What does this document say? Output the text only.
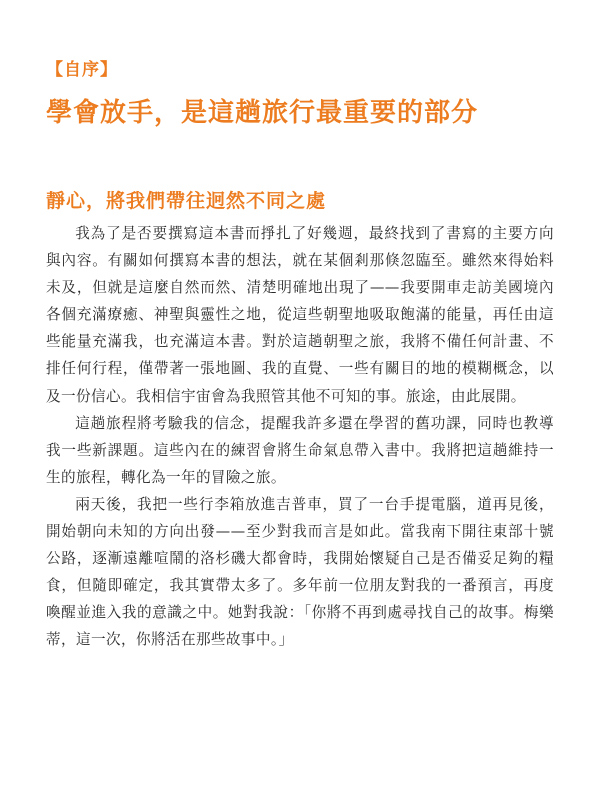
【自序】
學會放手，是這趟旅行最重要的部分
靜心，將我們帶往迥然不同之處

我為了是否要撰寫這本書而掙扎了好幾週，最終找到了書寫的主要方向與內容。有關如何撰寫本書的想法，就在某個剎那倏忽臨至。雖然來得始料未及，但就是這麼自然而然、清楚明確地出現了——我要開車走訪美國境內各個充滿療癒、神聖與靈性之地，從這些朝聖地吸取飽滿的能量，再任由這些能量充滿我，也充滿這本書。對於這趟朝聖之旅，我將不備任何計畫、不排任何行程，僅帶著一張地圖、我的直覺、一些有關目的地的模糊概念，以及一份信心。我相信宇宙會為我照管其他不可知的事。旅途，由此展開。

這趟旅程將考驗我的信念，提醒我許多還在學習的舊功課，同時也教導我一些新課題。這些內在的練習會將生命氣息帶入書中。我將把這趟維持一生的旅程，轉化為一年的冒險之旅。

兩天後，我把一些行李箱放進吉普車，買了一台手提電腦，道再見後，開始朝向未知的方向出發——至少對我而言是如此。當我南下開往東部十號公路，逐漸遠離喧鬧的洛杉磯大都會時，我開始懷疑自己是否備妥足夠的糧食，但隨即確定，我其實帶太多了。多年前一位朋友對我的一番預言，再度喚醒並進入我的意識之中。她對我說：「你將不再到處尋找自己的故事。梅樂蒂，這一次，你將活在那些故事中。」
